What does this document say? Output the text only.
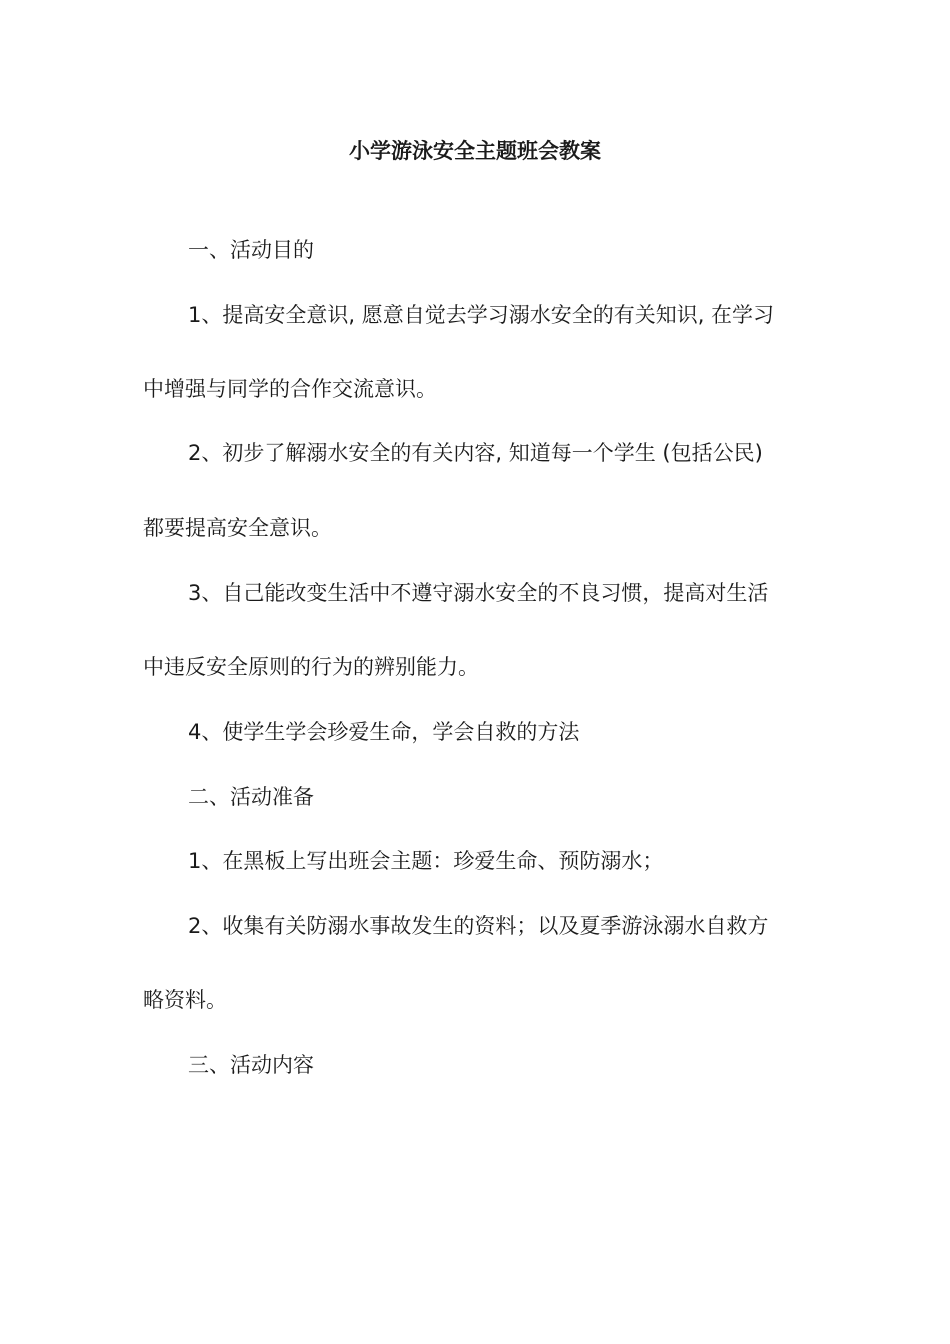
小学游泳安全主题班会教案
一、活动目的
1、提高安全意识, 愿意自觉去学习溺水安全的有关知识, 在学习
中增强与同学的合作交流意识。
2、初步了解溺水安全的有关内容, 知道每一个学生 (包括公民)
都要提高安全意识。
3、自己能改变生活中不遵守溺水安全的不良习惯，提高对生活
中违反安全原则的行为的辨别能力。
4、使学生学会珍爱生命，学会自救的方法
二、活动准备
1、在黑板上写出班会主题：珍爱生命、预防溺水；
2、收集有关防溺水事故发生的资料；以及夏季游泳溺水自救方
略资料。
三、活动内容
